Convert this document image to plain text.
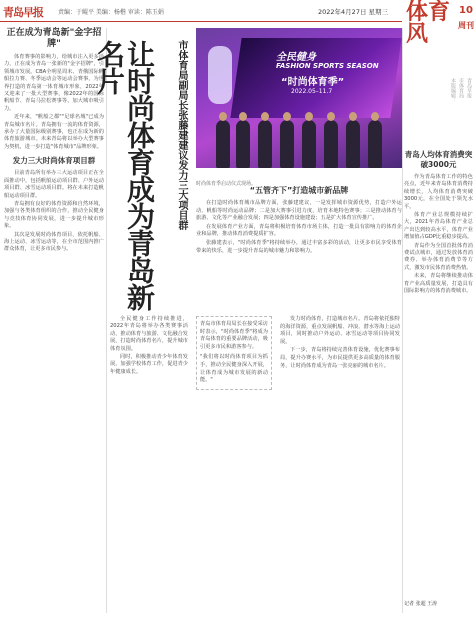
青岛早报	责编：于鲲平 美编：杨楷 审读：陈玉娟	2022年4月27日 星期三 体育风
10
周刊
本版编辑： 市体育局 青岛早报
正在成为青岛新"金字招牌"

体育赛事的影响力，给城市注入更多活力，正在成为青岛一张新的"金字招牌"，引领城市发展。CBA全明星周末、青俄国际帆船拉力赛、冬季运动会等运动会赛事，为世界打造的青岛第一体育城市形象，2022年又迎来了一批大型赛事，像2022年的国际帆船节、青岛马拉松赛事等，加大城市吸引力。

近年来，"帆船之都""足球名城"已成为青岛城市名片。青岛拥有一流的体育资源，承办了大量国际级别赛事，也正在成为新的体育旅游城市。未来青岛将以举办大型赛事为契机，进一步打造"体育城市"品牌形象。

发力三大时尚体育项目群

目前青岛所有举办三大运动项目正在全面推动中，包括帆船运动项目群、户外运动项目群、冰雪运动项目群。将在未来打造帆船运动项目群。

青岛拥有良好的体育资源和自然环境，加强与各类体育组织的合作，推动全民健身与竞技体育协同发展，进一步提升城市形象。

其次是发展时尚体育项目，依托帆船、海上运动、冰雪运动等，在全市范围内推广群众体育，让更多市民参与。

市体育局副局长张藤建建议发力三大项目群
让时尚体育成为青岛新名片	全民健身
FASHION SPORTS SEASON
“时尚体育季”
2022.05–11.7
时尚体育季启动仪式现场。
“五管齐下”打造城市新品牌

在打造时尚体育城市品牌方面，张藤建建议，一是发挥城市资源优势，打造户外运动、帆船等时尚运动品牌；二是加大赛事引进力度，培育本地特色赛事；三是推动体育与旅游、文化等产业融合发展；四是加强体育设施建设；五是扩大体育宣传推广。

在发展体育产业方面，青岛将积极培育体育市场主体，打造一批具有影响力的体育企业和品牌，推动体育消费提质扩容。

张藤建表示，"时尚体育季"将持续举办，通过丰富多彩的活动，让更多市民享受体育带来的快乐，进一步提升青岛的城市魅力和影响力。

全民健身工作持续推进，2022年青岛将举办各类赛事活动，推动体育与旅游、文化融合发展，打造时尚体育名片，提升城市体育氛围。

同时，积极推动青少年体育发展，加强学校体育工作，促进青少年健康成长。

青岛市体育局局长在接受采访时表示，"时尚体育季"将成为青岛体育的重要品牌活动，吸引更多市民和游客参与。

"我们将以时尚体育项目为抓手，推动全民健身深入开展，让体育成为城市发展的新动能。"

发力时尚体育，打造城市名片。青岛将依托独特的海洋资源，重点发展帆船、冲浪、潜水等海上运动项目，同时推动户外运动、冰雪运动等项目协同发展。

下一步，青岛将持续完善体育设施，优化赛事布局，提升办赛水平，为市民提供更多高质量的体育服务，让时尚体育成为青岛一张亮丽的城市名片。

青岛人均体育消费突破3000元

作为青岛体育工作的特色亮点，近年来青岛体育消费持续增长，人均体育消费突破3000元，在全国处于领先水平。

体育产业总规模持续扩大，2021年青岛体育产业总产出达到较高水平，体育产业增加值占GDP比重稳步提高。

青岛作为全国首批体育消费试点城市，通过发放体育消费券、举办体育消费节等方式，激发市民体育消费热情。

未来，青岛将继续推动体育产业高质量发展，打造具有国际影响力的体育消费城市。

记者 张超 王涛
